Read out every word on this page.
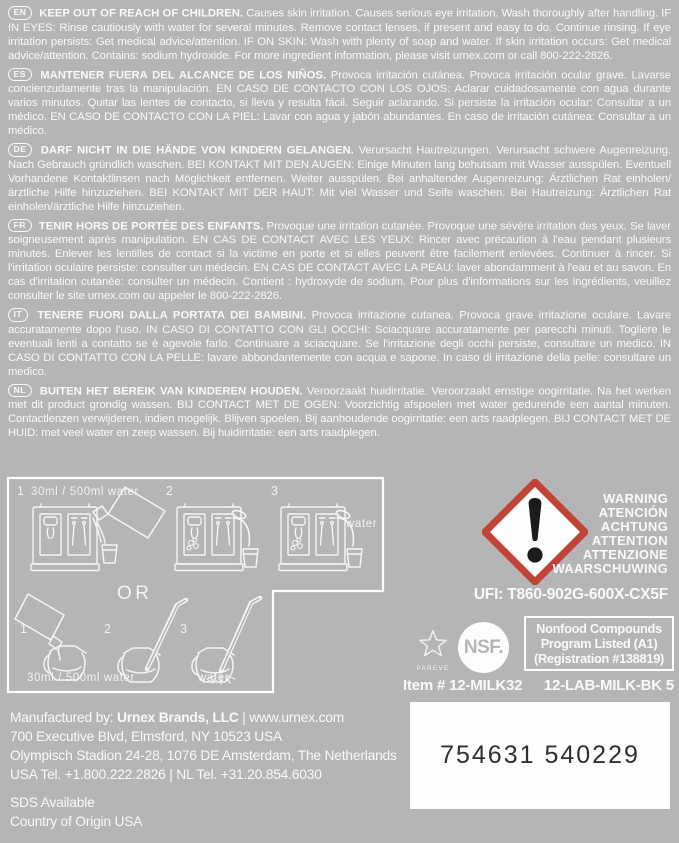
EN KEEP OUT OF REACH OF CHILDREN. Causes skin irritation. Causes serious eye irritation. Wash thoroughly after handling. IF IN EYES: Rinse cautiously with water for several minutes. Remove contact lenses, if present and easy to do. Continue rinsing. If eye irritation persists: Get medical advice/attention. IF ON SKIN: Wash with plenty of soap and water. If skin irritation occurs: Get medical advice/attention. Contains: sodium hydroxide. For more ingredient information, please visit urnex.com or call 800-222-2826.

ES MANTENER FUERA DEL ALCANCE DE LOS NIÑOS. Provoca irritación cutánea. Provoca irritación ocular grave. Lavarse concienzudamente tras la manipulación. EN CASO DE CONTACTO CON LOS OJOS: Aclarar cuidadosamente con agua durante varios minutos. Quitar las lentes de contacto, si lleva y resulta fácil. Seguir aclarando. Si persiste la irritación ocular: Consultar a un médico. EN CASO DE CONTACTO CON LA PIEL: Lavar con agua y jabón abundantes. En caso de irritación cutánea: Consultar a un médico.

DE DARF NICHT IN DIE HÄNDE VON KINDERN GELANGEN. Verursacht Hautreizungen. Verursacht schwere Augenreizung. Nach Gebrauch gründlich waschen. BEI KONTAKT MIT DEN AUGEN: Einige Minuten lang behutsam mit Wasser ausspülen. Eventuell Vorhandene Kontaktlinsen nach Möglichkeit entfernen. Weiter ausspülen. Bei anhaltender Augenreizung: Ärztlichen Rat einholen/ärztliche Hilfe hinzuziehen. BEI KONTAKT MIT DER HAUT: Mit viel Wasser und Seife waschen. Bei Hautreizung: Ärztlichen Rat einholen/ärztliche Hilfe hinzuziehen.

FR TENIR HORS DE PORTÉE DES ENFANTS. Provoque une irritation cutanée. Provoque une sévère irritation des yeux. Se laver soigneusement après manipulation. EN CAS DE CONTACT AVEC LES YEUX: Rincer avec précaution à l'eau pendant plusieurs minutes. Enlever les lentilles de contact si la victime en porte et si elles peuvent être facilement enlevées. Continuer à rincer. Si l'irritation oculaire persiste: consulter un médecin. EN CAS DE CONTACT AVEC LA PEAU: laver abondamment à l'eau et au savon. En cas d'irritation cutanée: consulter un médecin. Contient : hydroxyde de sodium. Pour plus d'informations sur les ingrédients, veuillez consulter le site urnex.com ou appeler le 800-222-2826.

IT TENERE FUORI DALLA PORTATA DEI BAMBINI. Provoca irritazione cutanea. Provoca grave irritazione oculare. Lavare accuratamente dopo l'uso. IN CASO DI CONTATTO CON GLI OCCHI: Sciacquare accuratamente per parecchi minuti. Togliere le eventuali lenti a contatto se è agevole farlo. Continuare a sciacquare. Se l'irritazione degli occhi persiste, consultare un medico. IN CASO DI CONTATTO CON LA PELLE: lavare abbondantemente con acqua e sapone. In caso di irritazione della pelle: consultare un medico.

NL BUITEN HET BEREIK VAN KINDEREN HOUDEN. Veroorzaakt huidirritatie. Veroorzaakt ernstige oogirritatie. Na het werken met dit product grondig wassen. BIJ CONTACT MET DE OGEN: Voorzichtig afspoelen met water gedurende een aantal minuten. Contactlenzen verwijderen, indien mogelijk. Blijven spoelen. Bij aanhoudende oogirritatie: een arts raadplegen. BIJ CONTACT MET DE HUID: met veel water en zeep wassen. Bij huidirritatie: een arts raadplegen.

1 30ml / 500ml water 2	3
water
OR
1	2	3
30ml / 500ml water	water
WARNING
ATENCIÓN
ACHTUNG
ATTENTION
ATTENZIONE
WAARSCHUWING
UFI: T860-902G-600X-CX5F
PAREVE
NSF.
Nonfood Compounds
Program Listed (A1)
(Registration #138819)
Item # 12-MILK32 12-LAB-MILK-BK 5
754631 540229

Manufactured by: Urnex Brands, LLC | www.urnex.com

700 Executive Blvd, Elmsford, NY 10523 USA

Olympisch Stadion 24-28, 1076 DE Amsterdam, The Netherlands

USA Tel. +1.800.222.2826 | NL Tel. +31.20.854.6030

SDS Available

Country of Origin USA
